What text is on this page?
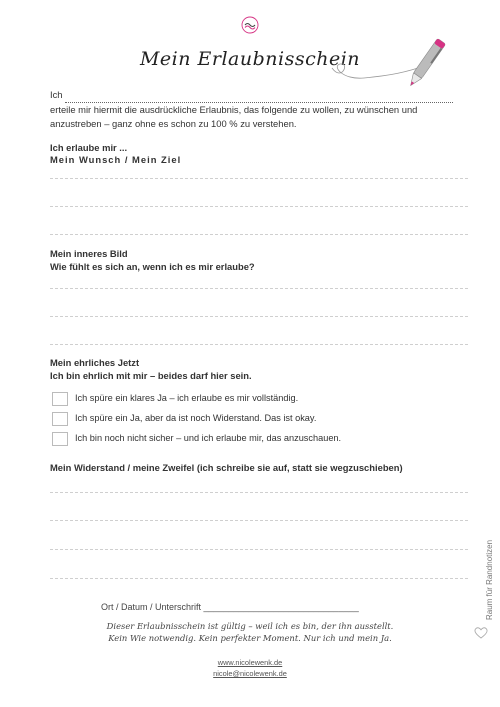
Mein Erlaubnisschein
Ich
erteile mir hiermit die ausdrückliche Erlaubnis, das folgende zu wollen, zu wünschen und anzustreben – ganz ohne es schon zu 100 % zu verstehen.
Ich erlaube mir ...
Mein Wunsch / Mein Ziel
Mein inneres Bild
Wie fühlt es sich an, wenn ich es mir erlaube?
Mein ehrliches Jetzt
Ich bin ehrlich mit mir – beides darf hier sein.
Ich spüre ein klares Ja – ich erlaube es mir vollständig.
Ich spüre ein Ja, aber da ist noch Widerstand. Das ist okay.
Ich bin noch nicht sicher – und ich erlaube mir, das anzuschauen.
Mein Widerstand / meine Zweifel (ich schreibe sie auf, statt sie wegzuschieben)
Ort / Datum / Unterschrift _______________________________
Dieser Erlaubnisschein ist gültig – weil ich es bin, der ihn ausstellt.
Kein Wie notwendig. Kein perfekter Moment. Nur ich und mein Ja.
Raum für Randnotizen
www.nicolewenk.de
nicole@nicolewenk.de
